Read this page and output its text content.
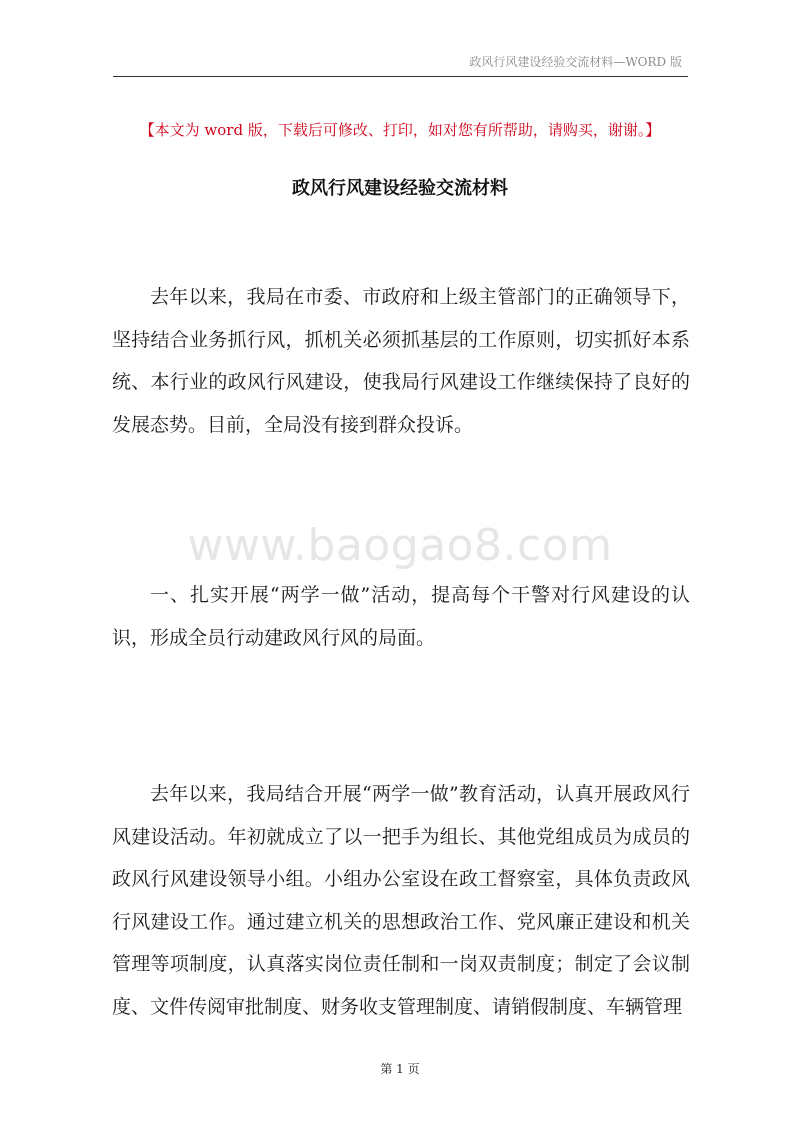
政风行风建设经验交流材料—WORD 版
【本文为 word 版，下载后可修改、打印，如对您有所帮助，请购买，谢谢。】
政风行风建设经验交流材料

去年以来，我局在市委、市政府和上级主管部门的正确领导下，坚持结合业务抓行风，抓机关必须抓基层的工作原则，切实抓好本系统、本行业的政风行风建设，使我局行风建设工作继续保持了良好的发展态势。目前，全局没有接到群众投诉。

www.baogao8.com

一、扎实开展“两学一做”活动，提高每个干警对行风建设的认识，形成全员行动建政风行风的局面。

去年以来，我局结合开展“两学一做”教育活动，认真开展政风行风建设活动。年初就成立了以一把手为组长、其他党组成员为成员的政风行风建设领导小组。小组办公室设在政工督察室，具体负责政风行风建设工作。通过建立机关的思想政治工作、党风廉正建设和机关管理等项制度，认真落实岗位责任制和一岗双责制度；制定了会议制度、文件传阅审批制度、财务收支管理制度、请销假制度、车辆管理

第 1 页
